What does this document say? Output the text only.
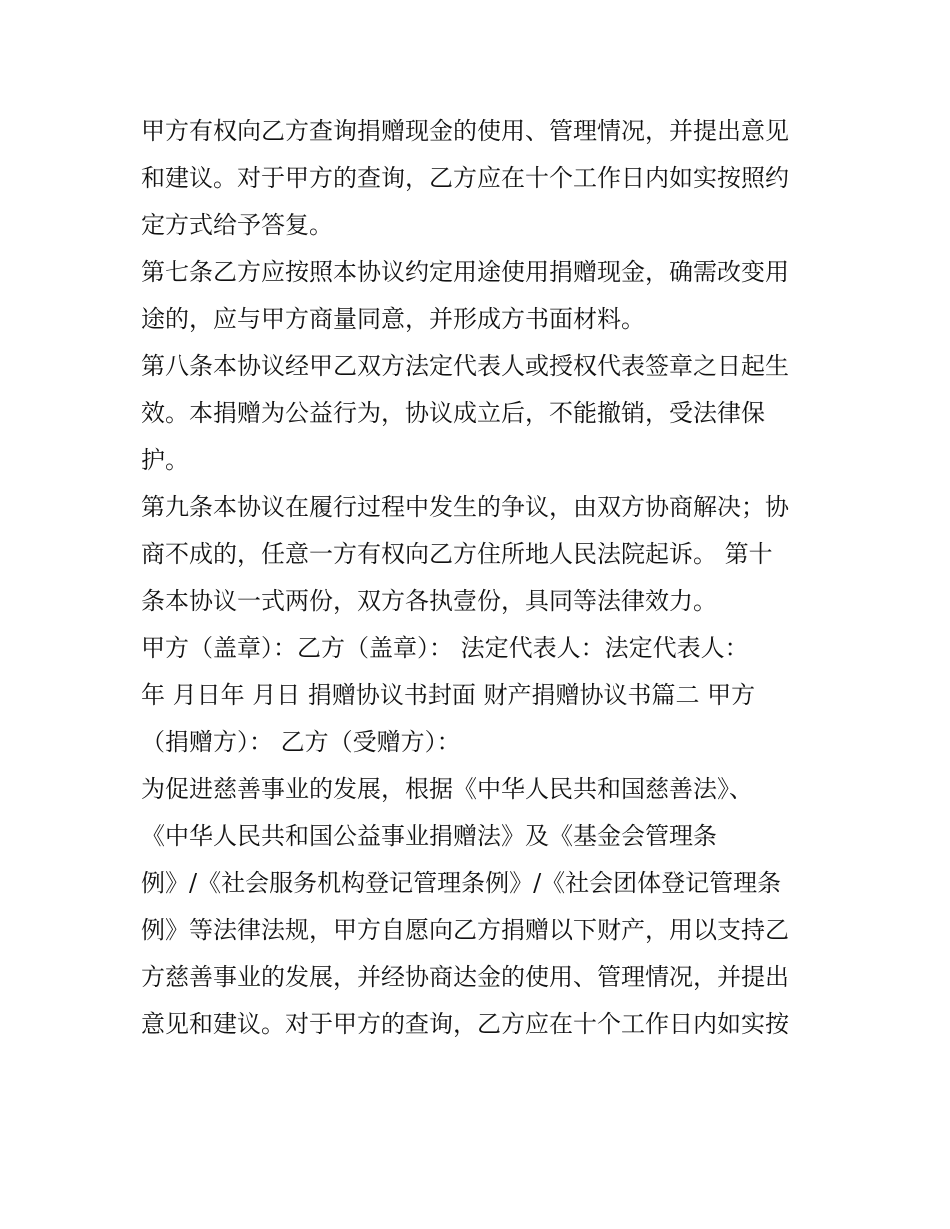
甲方有权向乙方查询捐赠现金的使用、管理情况，并提出意见
和建议。对于甲方的查询，乙方应在十个工作日内如实按照约
定方式给予答复。
第七条乙方应按照本协议约定用途使用捐赠现金，确需改变用
途的，应与甲方商量同意，并形成方书面材料。
第八条本协议经甲乙双方法定代表人或授权代表签章之日起生
效。本捐赠为公益行为，协议成立后，不能撤销，受法律保
护。
第九条本协议在履行过程中发生的争议，由双方协商解决；协
商不成的，任意一方有权向乙方住所地人民法院起诉。 第十
条本协议一式两份，双方各执壹份，具同等法律效力。
甲方（盖章）：乙方（盖章）： 法定代表人：法定代表人：
年 月日年 月日 捐赠协议书封面 财产捐赠协议书篇二 甲方
（捐赠方）： 乙方（受赠方）：
为促进慈善事业的发展，根据《中华人民共和国慈善法》、
《中华人民共和国公益事业捐赠法》及《基金会管理条
例》/《社会服务机构登记管理条例》/《社会团体登记管理条
例》等法律法规，甲方自愿向乙方捐赠以下财产，用以支持乙
方慈善事业的发展，并经协商达金的使用、管理情况，并提出
意见和建议。对于甲方的查询，乙方应在十个工作日内如实按
